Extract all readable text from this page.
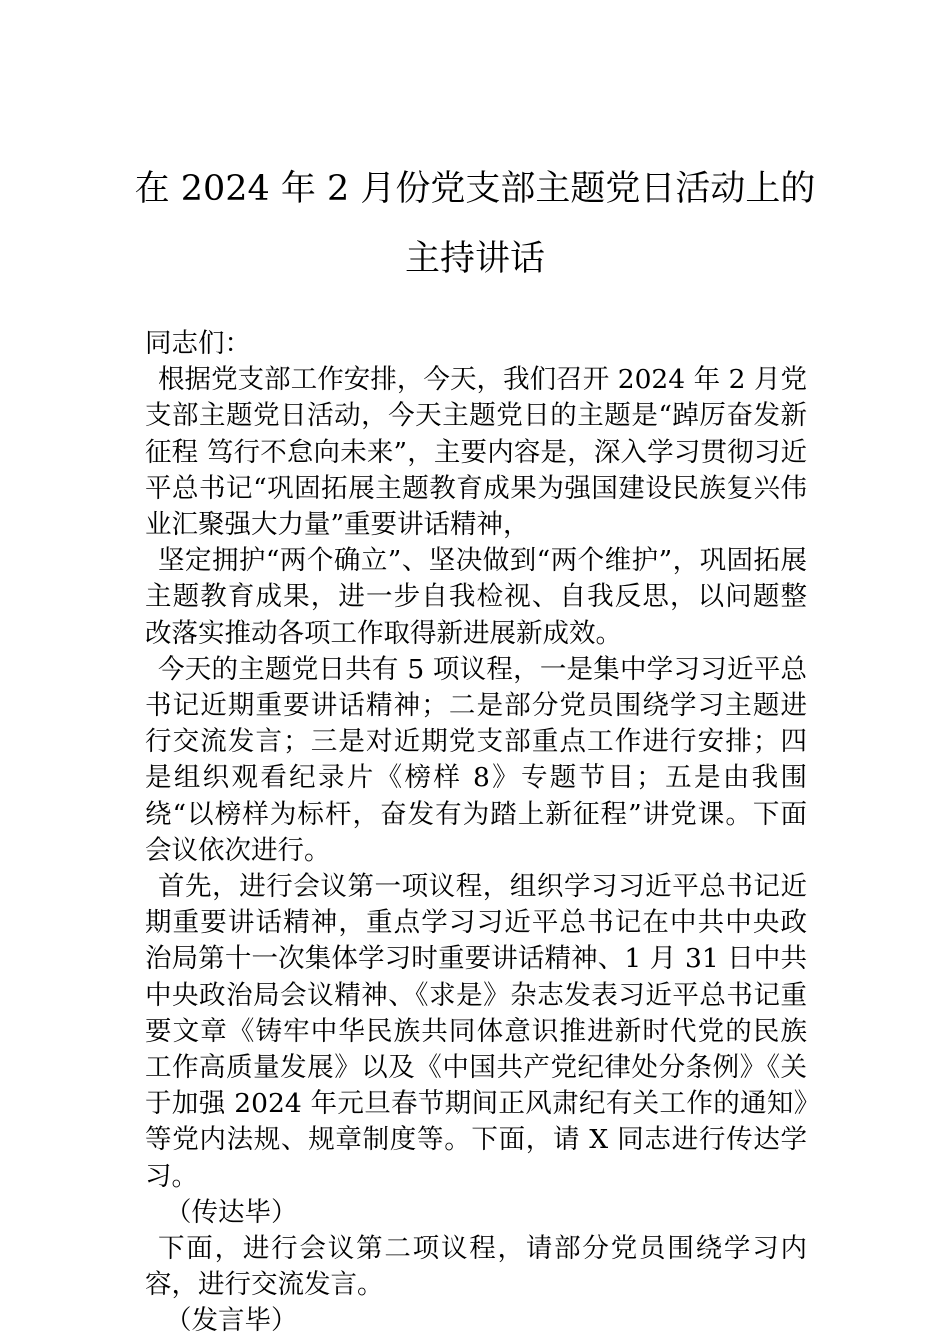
在 2024 年 2 月份党支部主题党日活动上的
主持讲话

同志们：

根据党支部工作安排，今天，我们召开 2024 年 2 月党支部主题党日活动，今天主题党日的主题是“踔厉奋发新征程 笃行不怠向未来”，主要内容是，深入学习贯彻习近平总书记“巩固拓展主题教育成果为强国建设民族复兴伟业汇聚强大力量”重要讲话精神，

坚定拥护“两个确立”、坚决做到“两个维护”，巩固拓展主题教育成果，进一步自我检视、自我反思，以问题整改落实推动各项工作取得新进展新成效。

今天的主题党日共有 5 项议程，一是集中学习习近平总书记近期重要讲话精神；二是部分党员围绕学习主题进行交流发言；三是对近期党支部重点工作进行安排；四是组织观看纪录片《榜样 8》专题节目；五是由我围绕“以榜样为标杆，奋发有为踏上新征程”讲党课。下面会议依次进行。

首先，进行会议第一项议程，组织学习习近平总书记近期重要讲话精神，重点学习习近平总书记在中共中央政治局第十一次集体学习时重要讲话精神、1 月 31 日中共中央政治局会议精神、《求是》杂志发表习近平总书记重要文章《铸牢中华民族共同体意识推进新时代党的民族工作高质量发展》以及《中国共产党纪律处分条例》《关于加强 2024 年元旦春节期间正风肃纪有关工作的通知》等党内法规、规章制度等。下面，请 X 同志进行传达学习。

（传达毕）

下面，进行会议第二项议程，请部分党员围绕学习内容，进行交流发言。

（发言毕）
